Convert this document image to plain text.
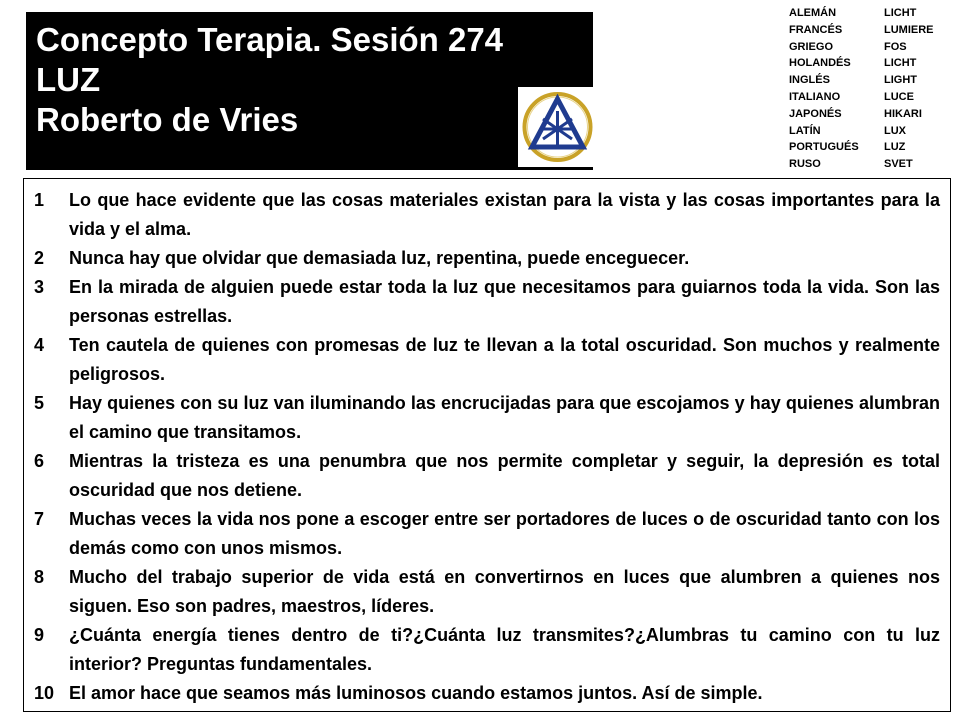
Concepto Terapia. Sesión 274
LUZ
Roberto de Vries
ALEMÁN	LICHT
FRANCÉS	LUMIERE
GRIEGO	FOS
HOLANDÉS	LICHT
INGLÉS	LIGHT
ITALIANO	LUCE
JAPONÉS	HIKARI
LATÍN	LUX
PORTUGUÉS	LUZ
RUSO	SVET
1	Lo que hace evidente que las cosas materiales existan para la vista y las cosas importantes para la vida y el alma.
2	Nunca hay que olvidar que demasiada luz, repentina, puede enceguecer.
3	En la mirada de alguien puede estar toda la luz que necesitamos para guiarnos toda la vida. Son las personas estrellas.
4	Ten cautela de quienes con promesas de luz te llevan a la total oscuridad. Son muchos y realmente peligrosos.
5	Hay quienes con su luz van iluminando las encrucijadas para que escojamos y hay quienes alumbran el camino que transitamos.
6	Mientras la tristeza es una penumbra que nos permite completar y seguir, la depresión es total oscuridad que nos detiene.
7	Muchas veces la vida nos pone a escoger entre ser portadores de luces o de oscuridad tanto con los demás como con unos mismos.
8	Mucho del trabajo superior de vida está en convertirnos en luces que alumbren a quienes nos siguen. Eso son padres, maestros, líderes.
9	¿Cuánta energía tienes dentro de ti?¿Cuánta luz transmites?¿Alumbras tu camino con tu luz interior? Preguntas fundamentales.
10 El amor hace que seamos más luminosos cuando estamos juntos. Así de simple.
